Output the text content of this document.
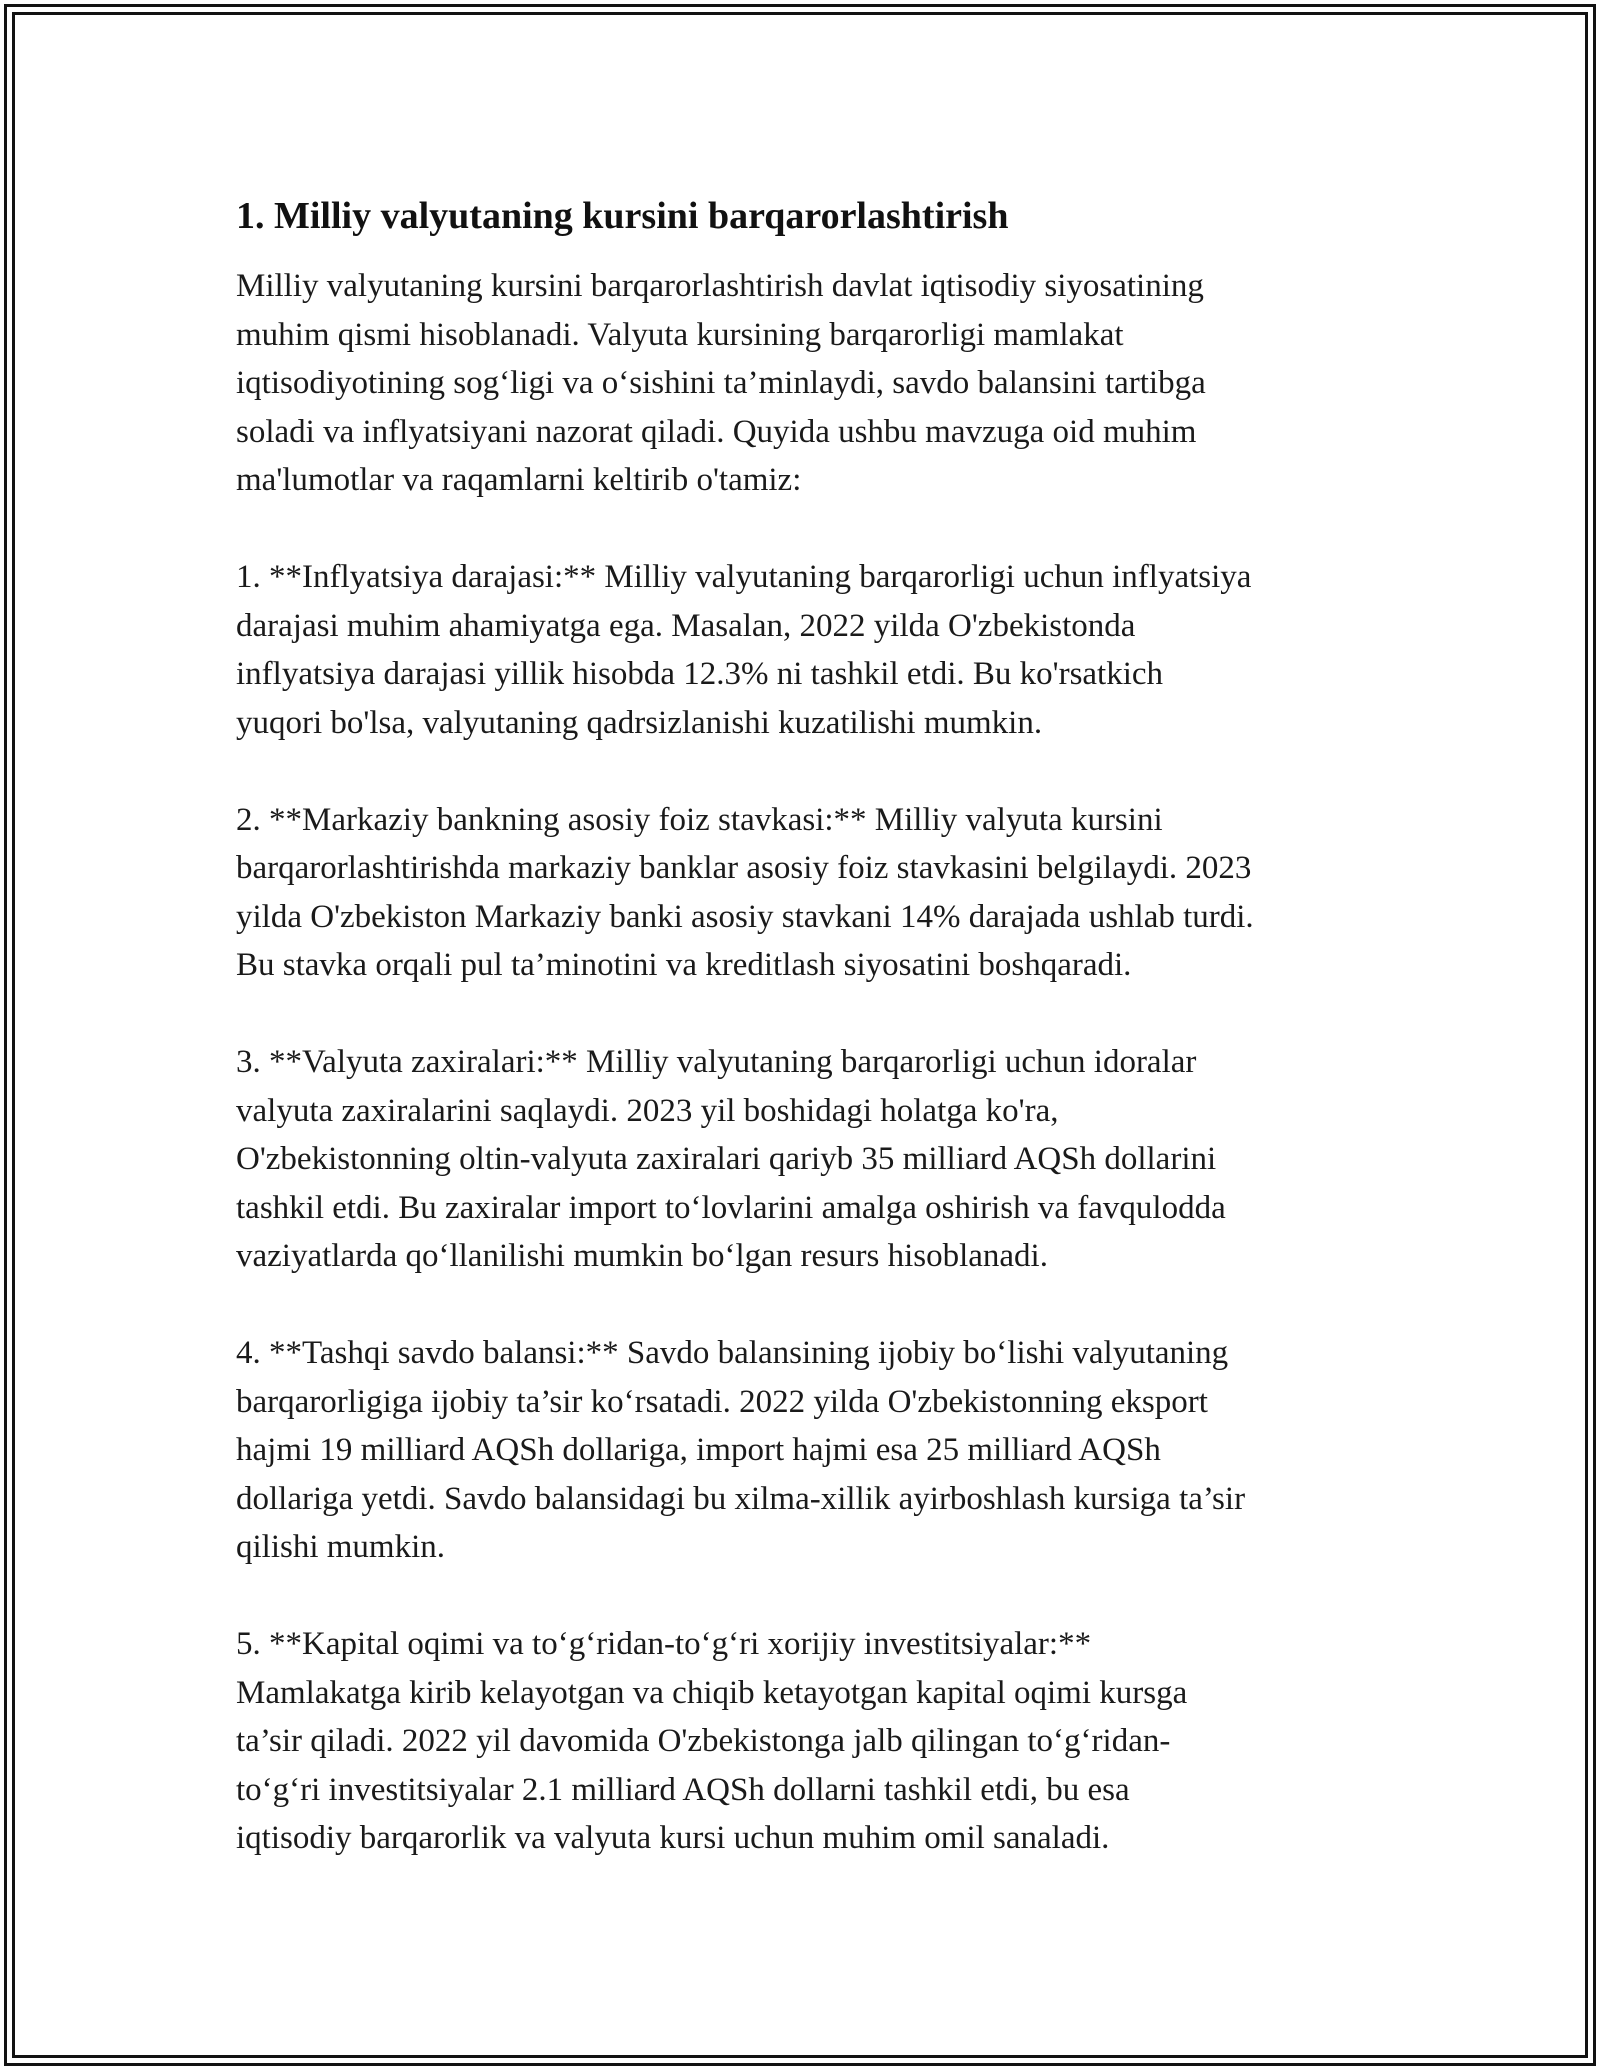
1. Milliy valyutaning kursini barqarorlashtirish

Milliy valyutaning kursini barqarorlashtirish davlat iqtisodiy siyosatining
muhim qismi hisoblanadi. Valyuta kursining barqarorligi mamlakat
iqtisodiyotining sog‘ligi va o‘sishini ta’minlaydi, savdo balansini tartibga
soladi va inflyatsiyani nazorat qiladi. Quyida ushbu mavzuga oid muhim
ma'lumotlar va raqamlarni keltirib o'tamiz:

1. **Inflyatsiya darajasi:** Milliy valyutaning barqarorligi uchun inflyatsiya
darajasi muhim ahamiyatga ega. Masalan, 2022 yilda O'zbekistonda
inflyatsiya darajasi yillik hisobda 12.3% ni tashkil etdi. Bu ko'rsatkich
yuqori bo'lsa, valyutaning qadrsizlanishi kuzatilishi mumkin.

2. **Markaziy bankning asosiy foiz stavkasi:** Milliy valyuta kursini
barqarorlashtirishda markaziy banklar asosiy foiz stavkasini belgilaydi. 2023
yilda O'zbekiston Markaziy banki asosiy stavkani 14% darajada ushlab turdi.
Bu stavka orqali pul ta’minotini va kreditlash siyosatini boshqaradi.

3. **Valyuta zaxiralari:** Milliy valyutaning barqarorligi uchun idoralar
valyuta zaxiralarini saqlaydi. 2023 yil boshidagi holatga ko'ra,
O'zbekistonning oltin-valyuta zaxiralari qariyb 35 milliard AQSh dollarini
tashkil etdi. Bu zaxiralar import to‘lovlarini amalga oshirish va favqulodda
vaziyatlarda qo‘llanilishi mumkin bo‘lgan resurs hisoblanadi.

4. **Tashqi savdo balansi:** Savdo balansining ijobiy bo‘lishi valyutaning
barqarorligiga ijobiy ta’sir ko‘rsatadi. 2022 yilda O'zbekistonning eksport
hajmi 19 milliard AQSh dollariga, import hajmi esa 25 milliard AQSh
dollariga yetdi. Savdo balansidagi bu xilma-xillik ayirboshlash kursiga ta’sir
qilishi mumkin.

5. **Kapital oqimi va to‘g‘ridan-to‘g‘ri xorijiy investitsiyalar:**
Mamlakatga kirib kelayotgan va chiqib ketayotgan kapital oqimi kursga
ta’sir qiladi. 2022 yil davomida O'zbekistonga jalb qilingan to‘g‘ridan-
to‘g‘ri investitsiyalar 2.1 milliard AQSh dollarni tashkil etdi, bu esa
iqtisodiy barqarorlik va valyuta kursi uchun muhim omil sanaladi.
